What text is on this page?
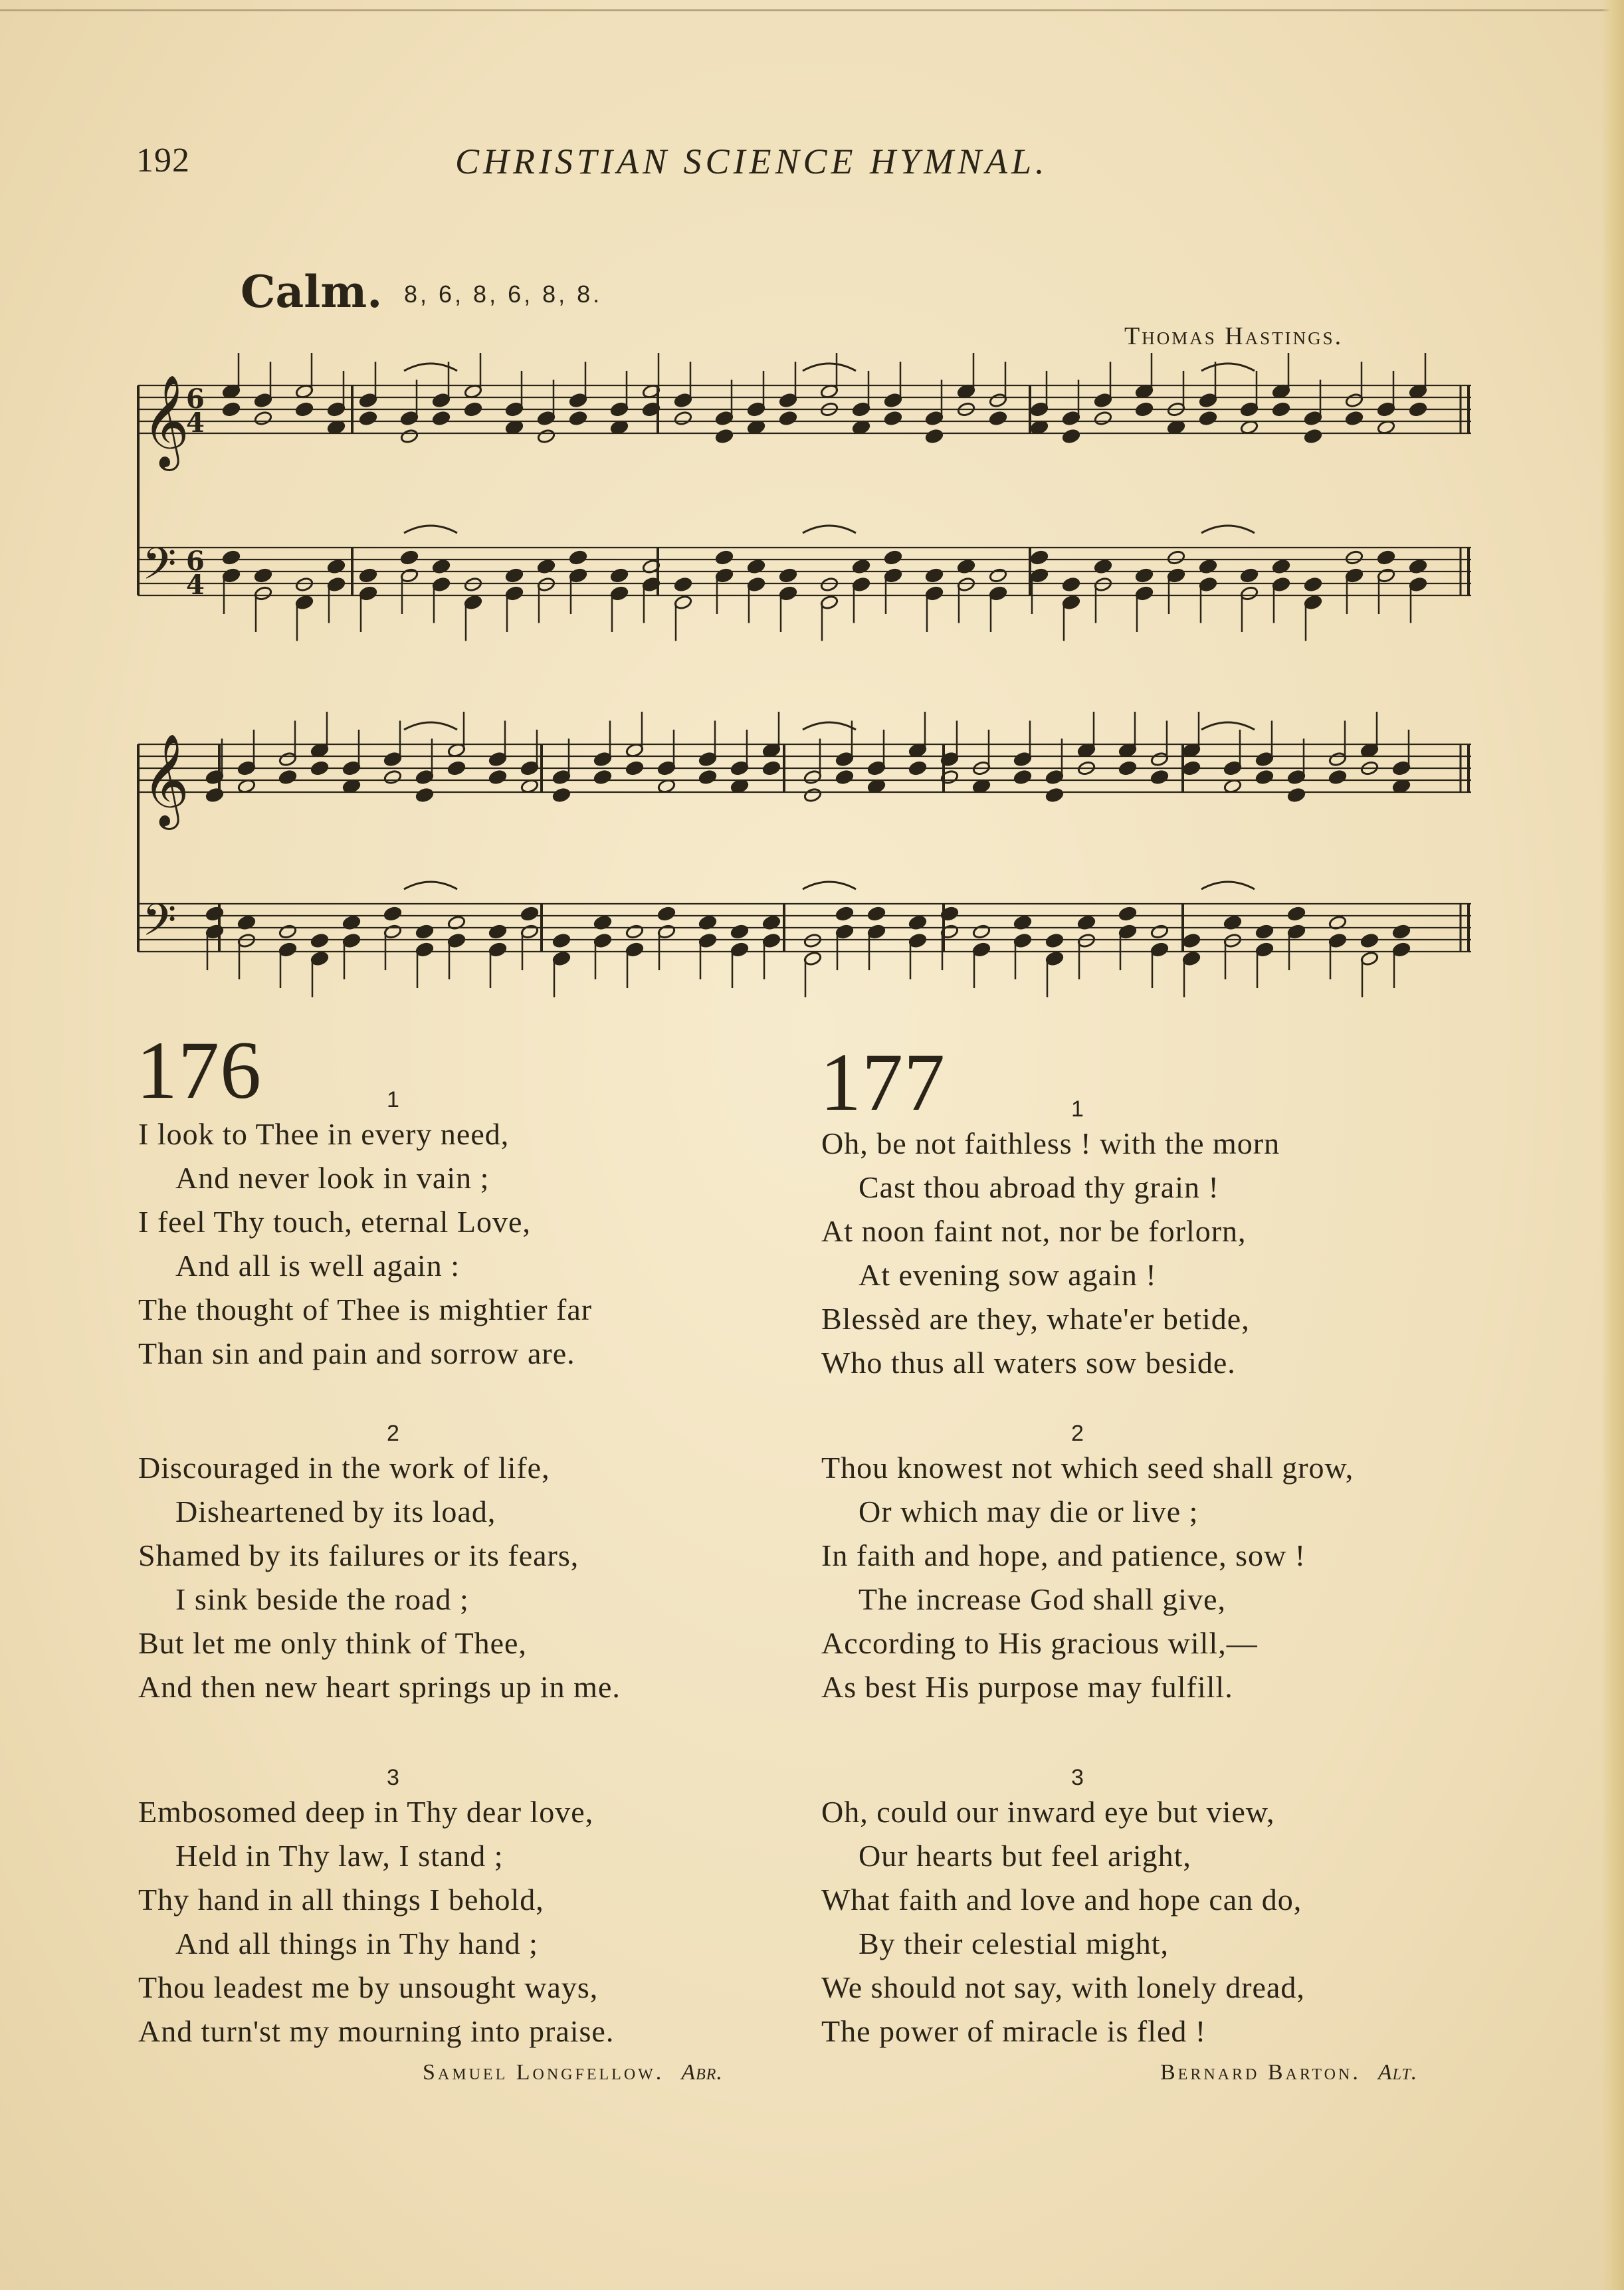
192	CHRISTIAN SCIENCE HYMNAL.
Calm. 8, 6, 8, 6, 8, 8.
Thomas Hastings.
𝄞
6
4
𝄢 6
4
𝄞
𝄢
176	1
I look to Thee in every need,
And never look in vain ;
I feel Thy touch, eternal Love,
And all is well again :
The thought of Thee is mightier far
Than sin and pain and sorrow are.
2
Discouraged in the work of life,
Disheartened by its load,
Shamed by its failures or its fears,
I sink beside the road ;
But let me only think of Thee,
And then new heart springs up in me.
3
Embosomed deep in Thy dear love,
Held in Thy law, I stand ;
Thy hand in all things I behold,
And all things in Thy hand ;
Thou leadest me by unsought ways,
And turn'st my mourning into praise.
Samuel Longfellow. Abr.
177	1
Oh, be not faithless ! with the morn
Cast thou abroad thy grain !
At noon faint not, nor be forlorn,
At evening sow again !
Blessèd are they, whate'er betide,
Who thus all waters sow beside.
2
Thou knowest not which seed shall grow,
Or which may die or live ;
In faith and hope, and patience, sow !
The increase God shall give,
According to His gracious will,—
As best His purpose may fulfill.
3
Oh, could our inward eye but view,
Our hearts but feel aright,
What faith and love and hope can do,
By their celestial might,
We should not say, with lonely dread,
The power of miracle is fled !
Bernard Barton. Alt.
